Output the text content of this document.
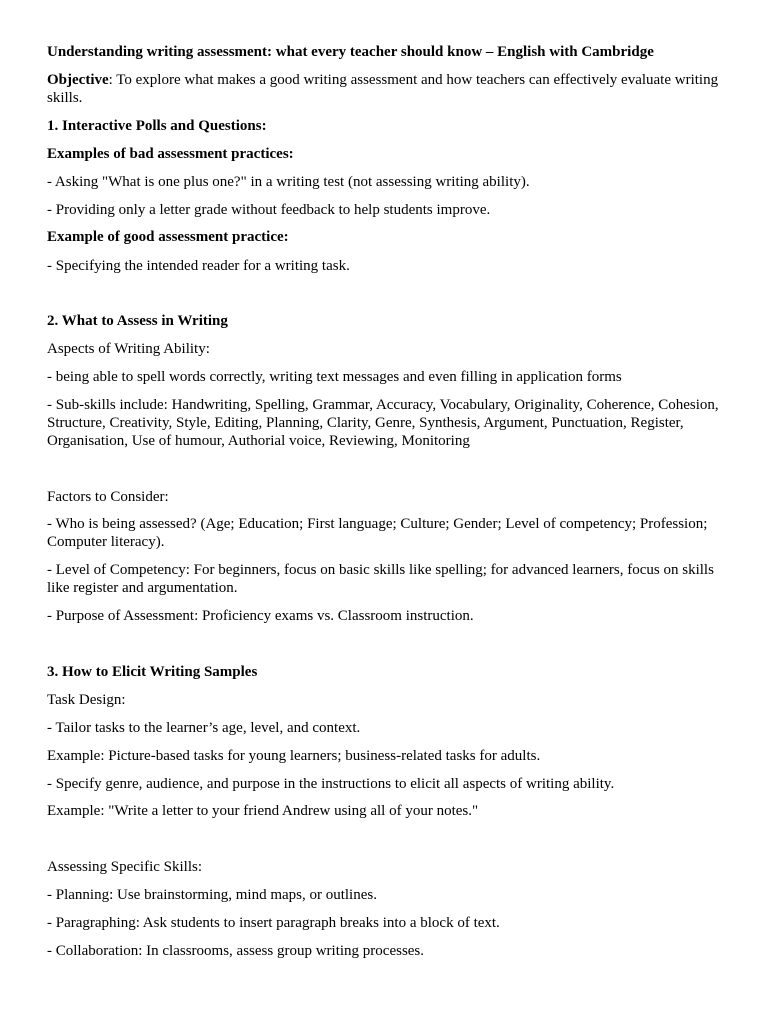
Understanding writing assessment: what every teacher should know – English with Cambridge
Objective: To explore what makes a good writing assessment and how teachers can effectively evaluate writing skills.
1. Interactive Polls and Questions:
Examples of bad assessment practices:
- Asking "What is one plus one?" in a writing test (not assessing writing ability).
- Providing only a letter grade without feedback to help students improve.
Example of good assessment practice:
- Specifying the intended reader for a writing task.
2. What to Assess in Writing
Aspects of Writing Ability:
- being able to spell words correctly, writing text messages and even filling in application forms
- Sub-skills include: Handwriting, Spelling, Grammar, Accuracy, Vocabulary, Originality, Coherence, Cohesion, Structure, Creativity, Style, Editing, Planning, Clarity, Genre, Synthesis, Argument, Punctuation, Register, Organisation, Use of humour, Authorial voice, Reviewing, Monitoring
Factors to Consider:
- Who is being assessed? (Age; Education; First language; Culture; Gender; Level of competency; Profession; Computer literacy).
- Level of Competency: For beginners, focus on basic skills like spelling; for advanced learners, focus on skills like register and argumentation.
- Purpose of Assessment: Proficiency exams vs. Classroom instruction.
3. How to Elicit Writing Samples
Task Design:
- Tailor tasks to the learner’s age, level, and context.
Example: Picture-based tasks for young learners; business-related tasks for adults.
- Specify genre, audience, and purpose in the instructions to elicit all aspects of writing ability.
Example: "Write a letter to your friend Andrew using all of your notes."
Assessing Specific Skills:
- Planning: Use brainstorming, mind maps, or outlines.
- Paragraphing: Ask students to insert paragraph breaks into a block of text.
- Collaboration: In classrooms, assess group writing processes.
